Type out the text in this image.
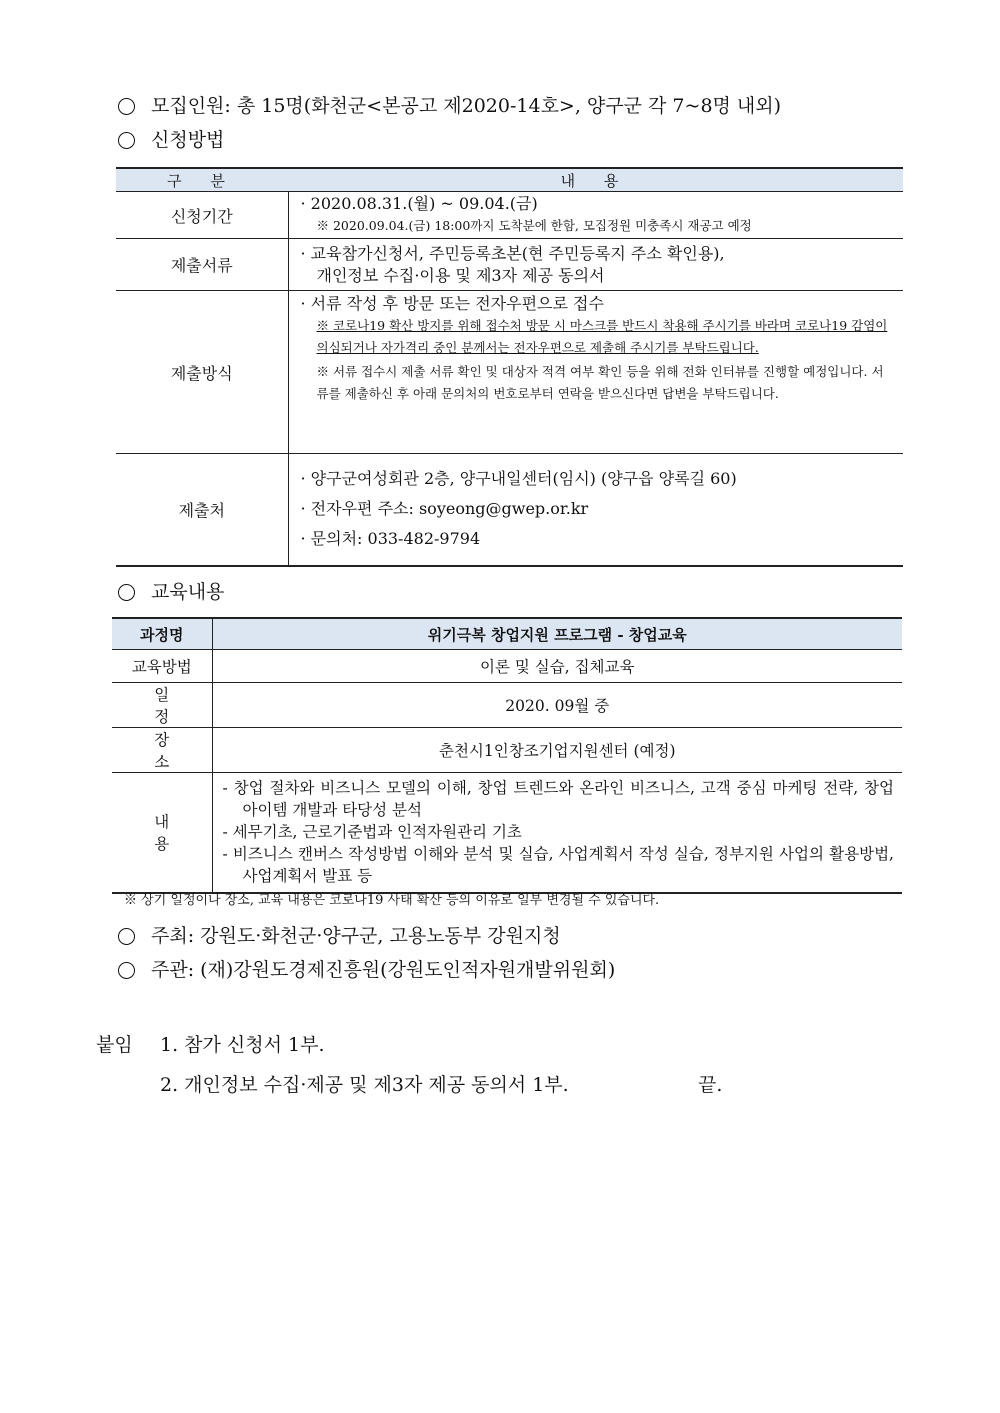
모집인원: 총 15명(화천군<본공고 제2020-14호>, 양구군 각 7~8명 내외)
신청방법
구 분	내 용
신청기간	· 2020.08.31.(월) ~ 09.04.(금)
※ 2020.09.04.(금) 18:00까지 도착분에 한함, 모집정원 미충족시 재공고 예정

제출서류	· 교육참가신청서, 주민등록초본(현 주민등록지 주소 확인용),
개인정보 수집·이용 및 제3자 제공 동의서

제출방식	· 서류 작성 후 방문 또는 전자우편으로 접수
※ 코로나19 확산 방지를 위해 접수처 방문 시 마스크를 반드시 착용해 주시기를 바라며 코로나19 감염이 의심되거나 자가격리 중인 분께서는 전자우편으로 제출해 주시기를 부탁드립니다.
※ 서류 접수시 제출 서류 확인 및 대상자 적격 여부 확인 등을 위해 전화 인터뷰를 진행할 예정입니다. 서류를 제출하신 후 아래 문의처의 번호로부터 연락을 받으신다면 답변을 부탁드립니다.

제출처	· 양구군여성회관 2층, 양구내일센터(임시) (양구읍 양록길 60)
· 전자우편 주소: soyeong@gwep.or.kr
· 문의처: 033-482-9794
교육내용
과정명	위기극복 창업지원 프로그램 - 창업교육
교육방법	이론 및 실습, 집체교육
일 정	2020. 09월 중
장 소	춘천시1인창조기업지원센터 (예정)
내 용	- 창업 절차와 비즈니스 모델의 이해, 창업 트렌드와 온라인 비즈니스, 고객 중심 마케팅 전략, 창업 아이템 개발과 타당성 분석
- 세무기초, 근로기준법과 인적자원관리 기초
- 비즈니스 캔버스 작성방법 이해와 분석 및 실습, 사업계획서 작성 실습, 정부지원 사업의 활용방법, 사업계획서 발표 등
※ 상기 일정이나 장소, 교육 내용은 코로나19 사태 확산 등의 이유로 일부 변경될 수 있습니다.
주최: 강원도·화천군·양구군, 고용노동부 강원지청
주관: (재)강원도경제진흥원(강원도인적자원개발위원회)
붙임 1. 참가 신청서 1부.
2. 개인정보 수집·제공 및 제3자 제공 동의서 1부.	끝.
